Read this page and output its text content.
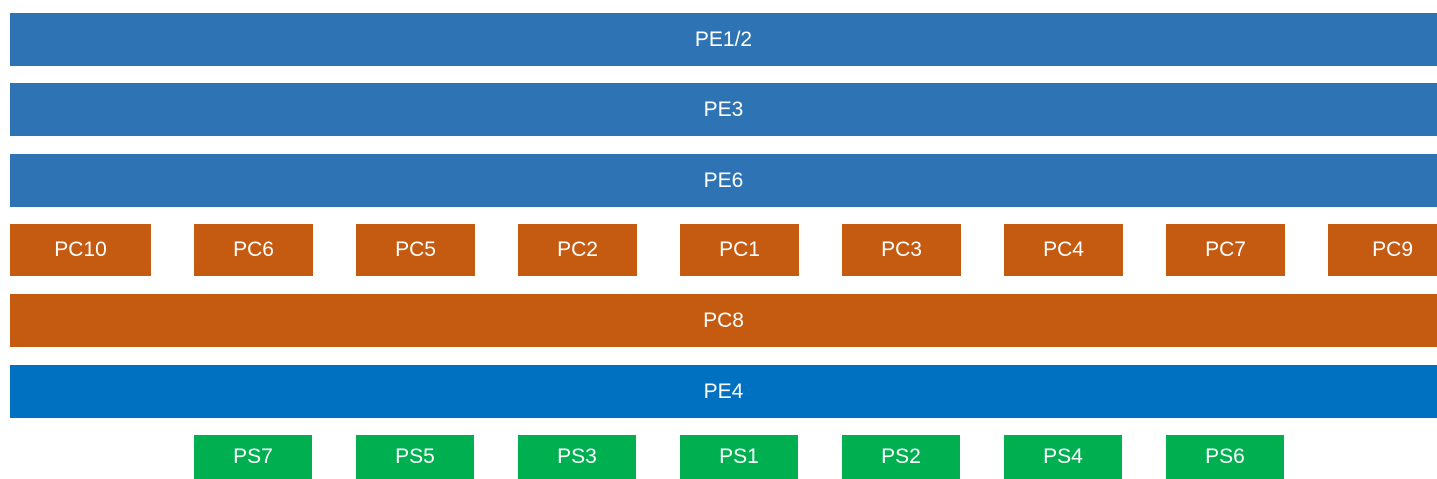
PE1/2
PE3
PE6
PC10	PC6	PC5	PC2	PC1	PC3	PC4	PC7	PC9
PC8
PE4
PS7	PS5	PS3	PS1	PS2	PS4	PS6
